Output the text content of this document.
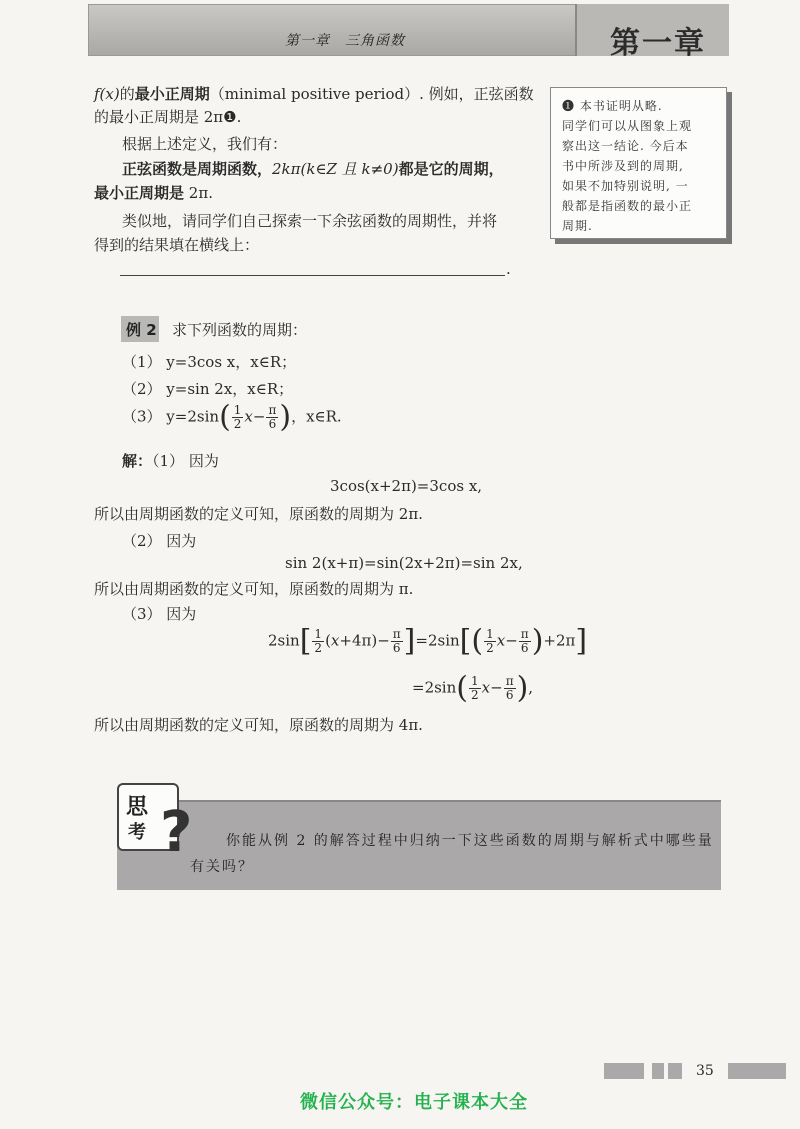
第一章　三角函数	第一章
f(x)的最小正周期（minimal positive period）. 例如，正弦函数
的最小正周期是 2π❶.
根据上述定义，我们有：
正弦函数是周期函数，2kπ(k∈Z 且 k≠0)都是它的周期，
最小正周期是 2π.
类似地，请同学们自己探索一下余弦函数的周期性，并将
得到的结果填在横线上：
.
❶ 本书证明从略.
同学们可以从图象上观
察出这一结论. 今后本
书中所涉及到的周期,
如果不加特别说明, 一
般都是指函数的最小正
周期.
例 2 求下列函数的周期：
（1） y=3cos x，x∈R；
（2） y=sin 2x，x∈R；
（3） $y=2\sin( \frac{1}{2} x- \frac{\pi}{6}$ )，x∈R.
解：（1） 因为
3cos(x+2π)=3cos x,
所以由周期函数的定义可知，原函数的周期为 2π.
（2） 因为
sin 2(x+π)=sin(2x+2π)=sin 2x,
所以由周期函数的定义可知，原函数的周期为 π.
（3） 因为
$2\sin[ \frac{1}{2} (x+4\pi)- \frac{\pi}{6} ]=2\sin[( \frac{1}{2} x- \frac{\pi}{6} )+2\pi]$
$=2\sin( \frac{1}{2} x- \frac{\pi}{6}$ ),
所以由周期函数的定义可知，原函数的周期为 4π.
思
考 ? 你能从例 2 的解答过程中归纳一下这些函数的周期与解析式中哪些量
有关吗？
35
微信公众号：电子课本大全
